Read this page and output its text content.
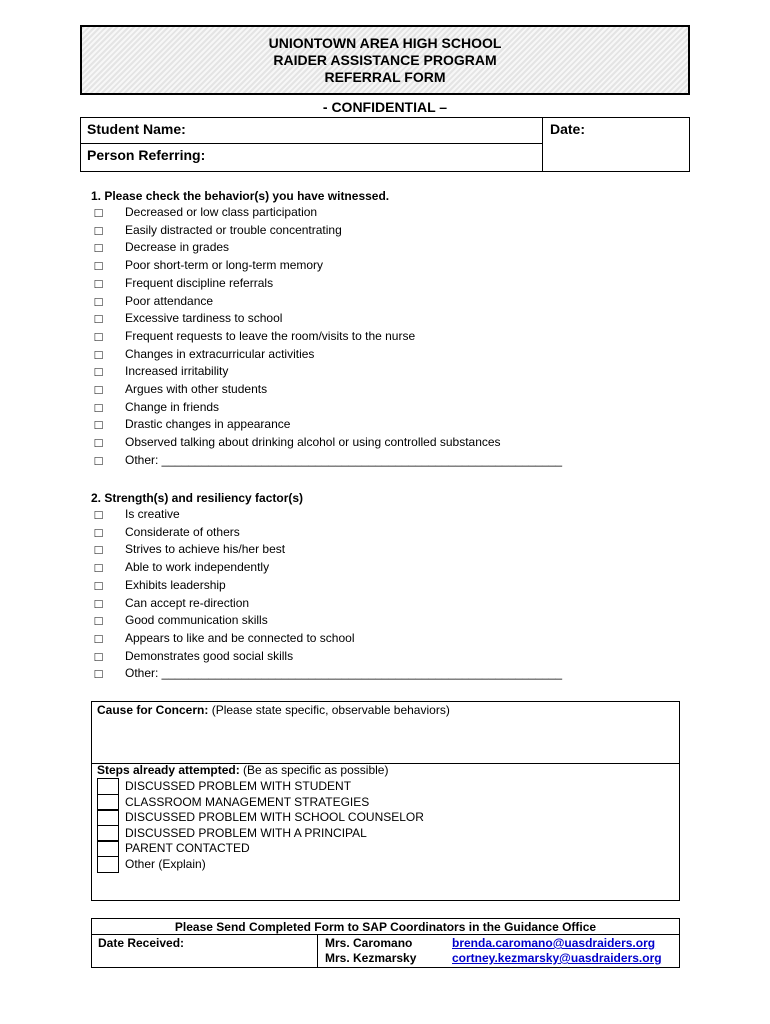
UNIONTOWN AREA HIGH SCHOOL
RAIDER ASSISTANCE PROGRAM
REFERRAL FORM
- CONFIDENTIAL –
Student Name:
Person Referring:
Date:
1. Please check the behavior(s) you have witnessed.
□
Decreased or low class participation
□
Easily distracted or trouble concentrating
□
Decrease in grades
□
Poor short-term or long-term memory
□
Frequent discipline referrals
□
Poor attendance
□
Excessive tardiness to school
□
Frequent requests to leave the room/visits to the nurse
□
Changes in extracurricular activities
□
Increased irritability
□
Argues with other students
□
Change in friends
□
Drastic changes in appearance
□
Observed talking about drinking alcohol or using controlled substances
□
Other: ____________________________________________________________
2. Strength(s) and resiliency factor(s)
□
Is creative
□
Considerate of others
□
Strives to achieve his/her best
□
Able to work independently
□
Exhibits leadership
□
Can accept re-direction
□
Good communication skills
□
Appears to like and be connected to school
□
Demonstrates good social skills
□
Other: ____________________________________________________________
Cause for Concern: (Please state specific, observable behaviors)
Steps already attempted: (Be as specific as possible)
DISCUSSED PROBLEM WITH STUDENT
CLASSROOM MANAGEMENT STRATEGIES
DISCUSSED PROBLEM WITH SCHOOL COUNSELOR
DISCUSSED PROBLEM WITH A PRINCIPAL
PARENT CONTACTED
Other (Explain)
Please Send Completed Form to SAP Coordinators in the Guidance Office
Date Received:	Mrs. Caromano	brenda.caromano@uasdraiders.org
Mrs. Kezmarsky	cortney.kezmarsky@uasdraiders.org
